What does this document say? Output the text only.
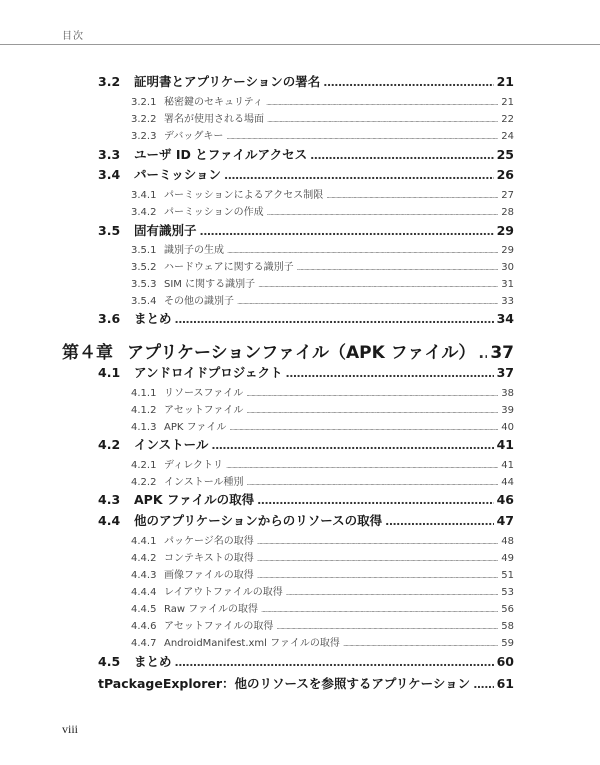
目次
3.2	証明書とアプリケーションの署名 .....	21
3.2.1 秘密鍵のセキュリティ .....	21
3.2.2 署名が使用される場面 .....	22
3.2.3 デバッグキー .....	24
3.3	ユーザ ID とファイルアクセス .....	25
3.4	パーミッション .....	26
3.4.1 パーミッションによるアクセス制限 .....	27
3.4.2 パーミッションの作成 .....	28
3.5	固有識別子 .....	29
3.5.1 識別子の生成 .....	29
3.5.2 ハードウェアに関する識別子 .....	30
3.5.3 SIM に関する識別子 .....	31
3.5.4 その他の識別子 .....	33
3.6	まとめ .....	34
第４章 アプリケーションファイル（APK ファイル） ..... 37
4.1	アンドロイドプロジェクト .....	37
4.1.1 リソースファイル .....	38
4.1.2 アセットファイル .....	39
4.1.3 APK ファイル .....	40
4.2	インストール .....	41
4.2.1 ディレクトリ .....	41
4.2.2 インストール種別 .....	44
4.3	APK ファイルの取得 .....	46
4.4	他のアプリケーションからのリソースの取得 .....	47
4.4.1 パッケージ名の取得 .....	48
4.4.2 コンテキストの取得 .....	49
4.4.3 画像ファイルの取得 .....	51
4.4.4 レイアウトファイルの取得 .....	53
4.4.5 Raw ファイルの取得 .....	56
4.4.6 アセットファイルの取得 .....	58
4.4.7 AndroidManifest.xml ファイルの取得 .....	59
4.5	まとめ .....	60
tPackageExplorer：他のリソースを参照するアプリケーション ..... 61
viii
